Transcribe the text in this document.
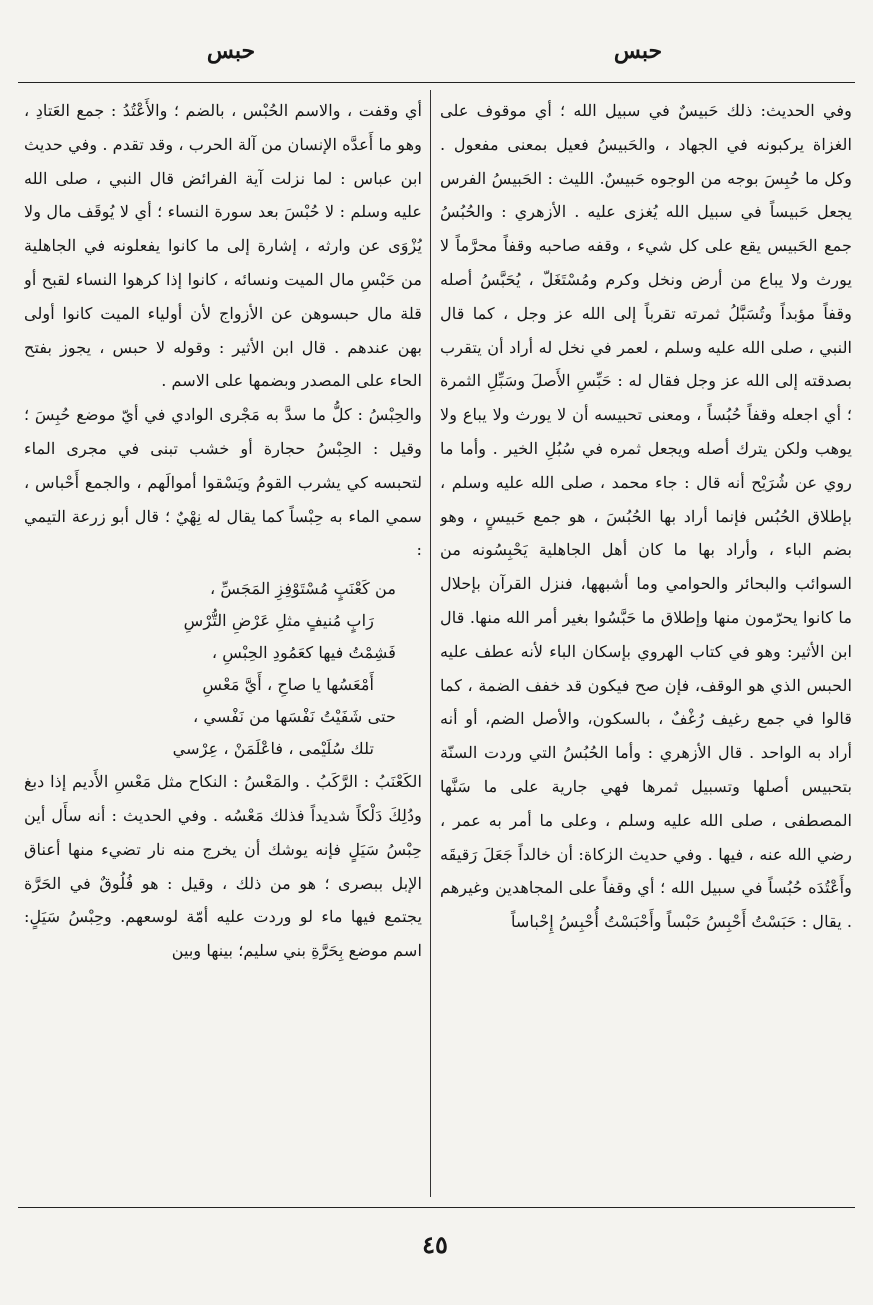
حبس
حبس

وفي الحديث: ذلك حَبيسٌ في سبيل الله ؛ أي موقوف على الغزاة يركبونه في الجهاد ، والحَبيسُ فعيل بمعنى مفعول . وكل ما حُبِسَ بوجه من الوجوه حَبيسٌ. الليث : الحَبيسُ الفرس يجعل حَبيساً في سبيل الله يُغزى عليه . الأزهري : والحُبُسُ جمع الحَبيس يقع على كل شيء ، وقفه صاحبه وقفاً محرَّماً لا يورث ولا يباع من أرض ونخل وكرم ومُسْتَغَلّ ، يُحَبَّسُ أصله وقفاً مؤبداً وتُسَبَّلُ ثمرته تقرباً إلى الله عز وجل ، كما قال النبي ، صلى الله عليه وسلم ، لعمر في نخل له أراد أن يتقرب بصدقته إلى الله عز وجل فقال له : حَبِّسِ الأَصلَ وسَبِّلِ الثمرة ؛ أي اجعله وقفاً حُبُساً ، ومعنى تحبيسه أن لا يورث ولا يباع ولا يوهب ولكن يترك أصله ويجعل ثمره في سُبُلِ الخير . وأما ما روي عن شُرَيْح أنه قال : جاء محمد ، صلى الله عليه وسلم ، بإطلاق الحُبُس فإنما أراد بها الحُبُسَ ، هو جمع حَبيسٍ ، وهو بضم الباء ، وأراد بها ما كان أهل الجاهلية يَحْبِسُونه من السوائب والبحائر والحوامي وما أشبهها، فنزل القرآن بإحلال ما كانوا يحرّمون منها وإطلاق ما حَبَّسُوا بغير أمر الله منها. قال ابن الأثير: وهو في كتاب الهروي بإسكان الباء لأنه عطف عليه الحبس الذي هو الوقف، فإن صح فيكون قد خفف الضمة ، كما قالوا في جمع رغيف رُغْفٌ ، بالسكون، والأصل الضم، أو أنه أراد به الواحد . قال الأزهري : وأما الحُبُسُ التي وردت السنّة بتحبيس أصلها وتسبيل ثمرها فهي جارية على ما سَنَّها المصطفى ، صلى الله عليه وسلم ، وعلى ما أمر به عمر ، رضي الله عنه ، فيها . وفي حديث الزكاة: أن خالداً جَعَلَ رَقيقَه وأَعْتُدَه حُبُساً في سبيل الله ؛ أي وقفاً على المجاهدين وغيرهم . يقال : حَبَسْتُ أَحْبِسُ حَبْساً وأَحْبَسْتُ أُحْبِسُ إِحْباساً

أي وقفت ، والاسم الحُبْس ، بالضم ؛ والأَعْتُدُ : جمع العَتادِ ، وهو ما أَعدَّه الإنسان من آلة الحرب ، وقد تقدم . وفي حديث ابن عباس : لما نزلت آية الفرائض قال النبي ، صلى الله عليه وسلم : لا حُبْسَ بعد سورة النساء ؛ أي لا يُوقَف مال ولا يُزْوَى عن وارثه ، إشارة إلى ما كانوا يفعلونه في الجاهلية من حَبْسِ مال الميت ونسائه ، كانوا إذا كرهوا النساء لقبح أو قلة مال حبسوهن عن الأزواج لأن أولياء الميت كانوا أولى بهن عندهم . قال ابن الأثير : وقوله لا حبس ، يجوز بفتح الحاء على المصدر وبضمها على الاسم .

والحِبْسُ : كلُّ ما سدَّ به مَجْرى الوادي في أيّ موضع حُبِسَ ؛ وقيل : الحِبْسُ حجارة أو خشب تبنى في مجرى الماء لتحبسه كي يشرب القومُ ويَسْقوا أموالَهم ، والجمع أَحْباس ، سمي الماء به حِبْساً كما يقال له نِهْيٌ ؛ قال أبو زرعة التيمي :

من كَعْنَبٍ مُسْتَوْفِزِ المَجَسِّ ،
رَابٍ مُنيفٍ مثلِ عَرْضِ التُّرْسِ
فَشِمْتُ فيها كعَمُودِ الحِبْسِ ،
أَمْعَسُها يا صاحِ ، أَيَّ مَعْسِ
حتى شَفَيْتُ نَفْسَها من نَفْسي ،
تلك سُلَيْمى ، فاعْلَمَنْ ، عِرْسي

الكَعْنَبُ : الرَّكَبُ . والمَعْسُ : النكاح مثل مَعْسِ الأَديم إذا دبغ ودُلِكَ دَلْكاً شديداً فذلك مَعْسُه . وفي الحديث : أنه سأَل أين حِبْسُ سَيَلٍ فإنه يوشك أن يخرج منه نار تضيء منها أعناق الإبل ببصرى ؛ هو من ذلك ، وقيل : هو فُلُوقٌ في الحَرَّة يجتمع فيها ماء لو وردت عليه أمّة لوسعهم. وحِبْسُ سَيَلٍ: اسم موضع بِحَرَّةِ بني سليم؛ بينها وبين

٤٥
